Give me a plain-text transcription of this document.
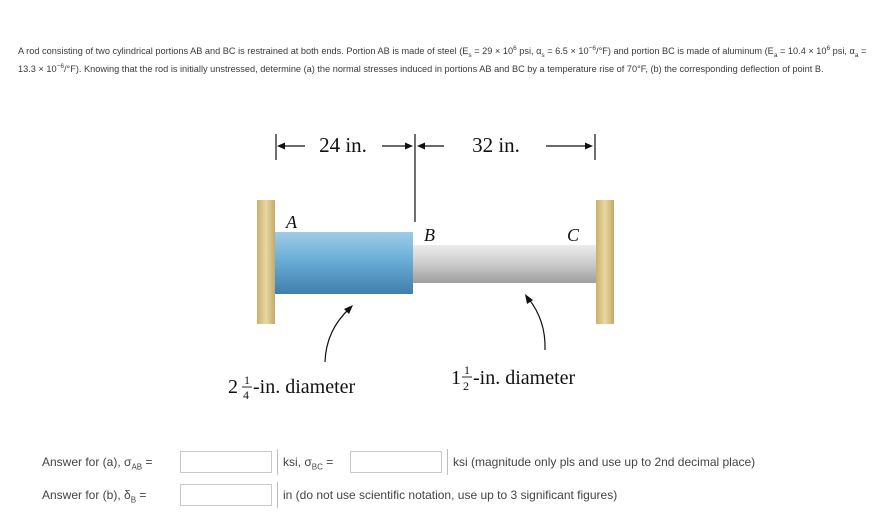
A rod consisting of two cylindrical portions AB and BC is restrained at both ends. Portion AB is made of steel ($E_s = 29 \times 10^6$ psi, $\alpha_s = 6.5 \times 10^{-6}/^\circ F$) and portion BC is made of aluminum ($E_a = 10.4 \times 10^6$ psi, $\alpha_a = 13.3 \times 10^{-6}/^\circ F$). Knowing that the rod is initially unstressed, determine (a) the normal stresses induced in portions AB and BC by a temperature rise of 70°F, (b) the corresponding deflection of point B.
24 in.	32 in.
A
B	C
2 1
4 -in. diameter	1 1
2 -in. diameter
Answer for (a), $\sigma_{AB}$ =	ksi, $\sigma_{BC}$ =	ksi (magnitude only pls and use up to 2nd decimal place)
Answer for (b), $\delta_B$ =	in (do not use scientific notation, use up to 3 significant figures)
